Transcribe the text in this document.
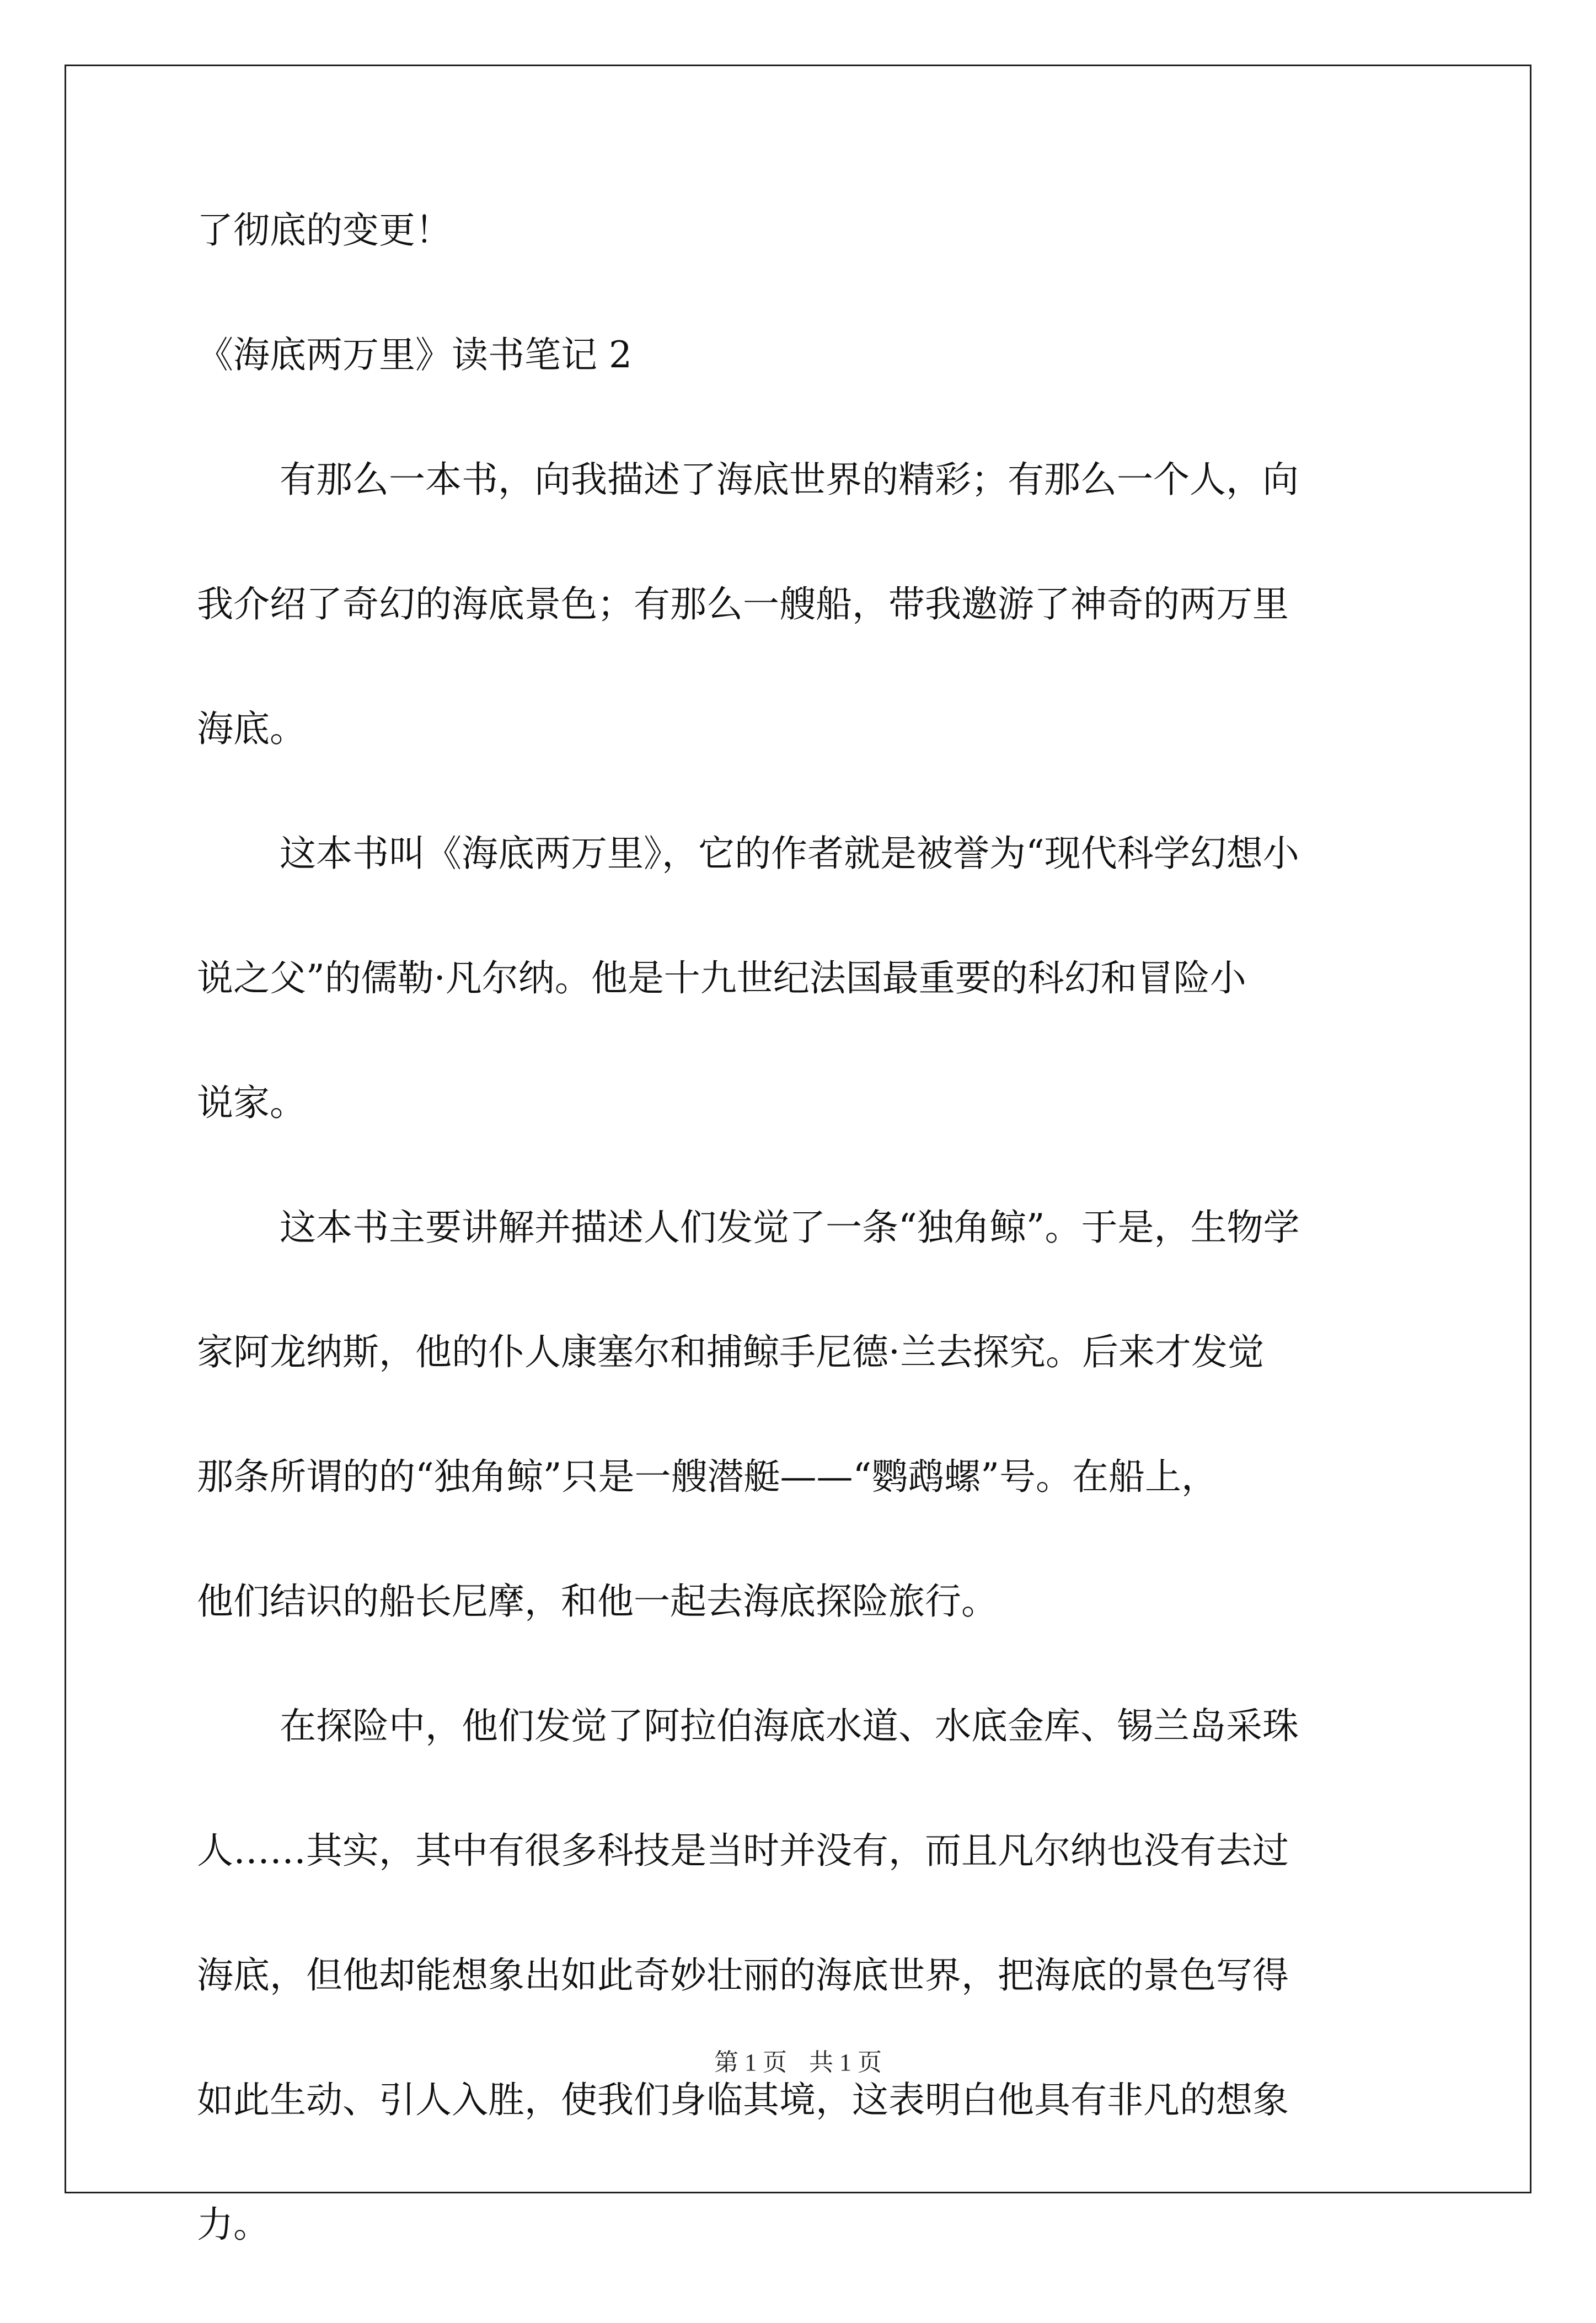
了彻底的变更！

《海底两万里》读书笔记 2

有那么一本书，向我描述了海底世界的精彩；有那么一个人，向
我介绍了奇幻的海底景色；有那么一艘船，带我邀游了神奇的两万里
海底。
这本书叫《海底两万里》，它的作者就是被誉为“现代科学幻想小
说之父”的儒勒·凡尔纳。他是十九世纪法国最重要的科幻和冒险小
说家。
这本书主要讲解并描述人们发觉了一条“独角鲸”。于是，生物学
家阿龙纳斯，他的仆人康塞尔和捕鲸手尼德·兰去探究。后来才发觉
那条所谓的的“独角鲸”只是一艘潜艇——“鹦鹉螺”号。在船上，
他们结识的船长尼摩，和他一起去海底探险旅行。
在探险中，他们发觉了阿拉伯海底水道、水底金库、锡兰岛采珠
人……其实，其中有很多科技是当时并没有，而且凡尔纳也没有去过
海底，但他却能想象出如此奇妙壮丽的海底世界，把海底的景色写得
如此生动、引人入胜，使我们身临其境，这表明白他具有非凡的想象
力。
第 1 页 共 1 页
